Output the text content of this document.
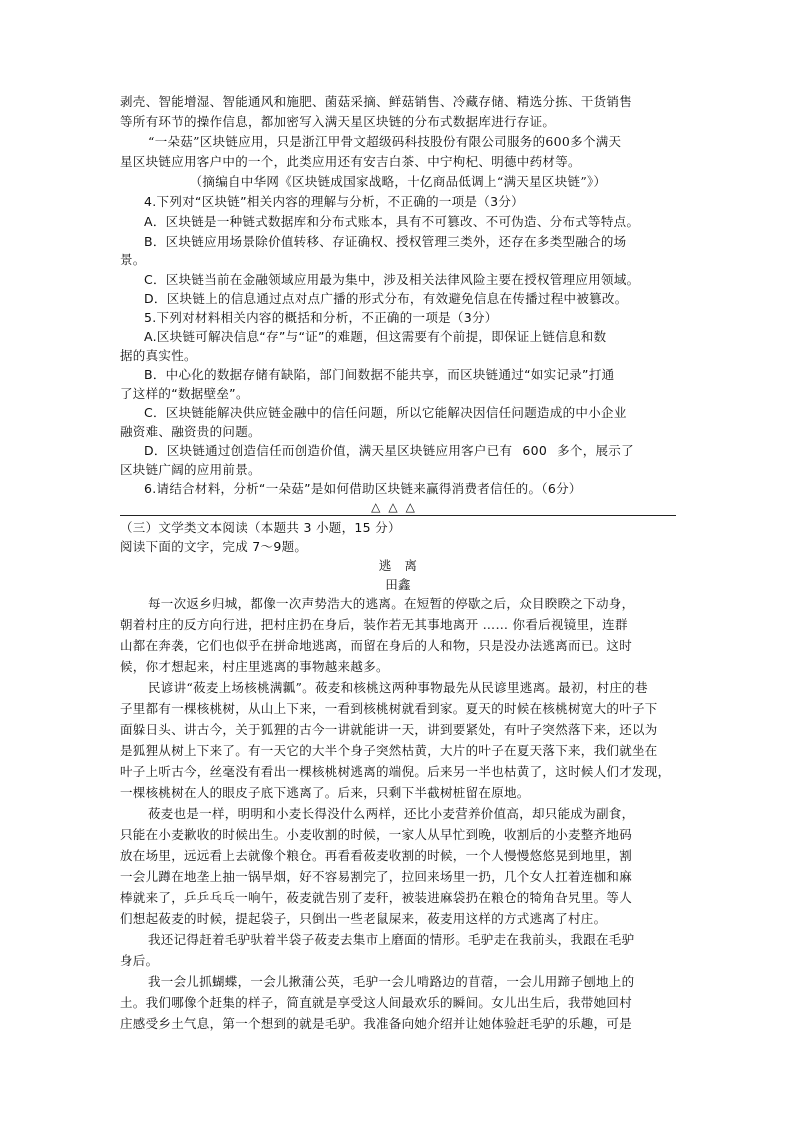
剥壳、智能增湿、智能通风和施肥、菌菇采摘、鲜菇销售、冷藏存储、精选分拣、干货销售
等所有环节的操作信息，都加密写入满天星区块链的分布式数据库进行存证。
“一朵菇”区块链应用，只是浙江甲骨文超级码科技股份有限公司服务的600多个满天
星区块链应用客户中的一个，此类应用还有安吉白茶、中宁枸杞、明德中药材等。
（摘编自中华网《区块链成国家战略，十亿商品低调上“满天星区块链”》）
4.下列对“区块链”相关内容的理解与分析，不正确的一项是（3分）
A．区块链是一种链式数据库和分布式账本，具有不可篡改、不可伪造、分布式等特点。
B．区块链应用场景除价值转移、存证确权、授权管理三类外，还存在多类型融合的场
景。
C．区块链当前在金融领域应用最为集中，涉及相关法律风险主要在授权管理应用领域。
D．区块链上的信息通过点对点广播的形式分布，有效避免信息在传播过程中被篡改。
5.下列对材料相关内容的概括和分析，不正确的一项是（3分）
A.区块链可解决信息“存”与“证”的难题，但这需要有个前提，即保证上链信息和数
据的真实性。
B．中心化的数据存储有缺陷，部门间数据不能共享，而区块链通过“如实记录”打通
了这样的“数据壁垒”。
C．区块链能解决供应链金融中的信任问题，所以它能解决因信任问题造成的中小企业
融资难、融资贵的问题。
D．区块链通过创造信任而创造价值，满天星区块链应用客户已有 600 多个，展示了
区块链广阔的应用前景。
6.请结合材料，分析“一朵菇”是如何借助区块链来赢得消费者信任的。（6分）
△△△
（三）文学类文本阅读（本题共 3 小题，15 分）
阅读下面的文字，完成 7～9题。
逃　离
田鑫
每一次返乡归城，都像一次声势浩大的逃离。在短暂的停歇之后，众目睽睽之下动身，
朝着村庄的反方向行进，把村庄扔在身后，装作若无其事地离开 …… 你看后视镜里，连群
山都在奔袭，它们也似乎在拼命地逃离，而留在身后的人和物，只是没办法逃离而已。这时
候，你才想起来，村庄里逃离的事物越来越多。
民谚讲“莜麦上场核桃满瓤”。莜麦和核桃这两种事物最先从民谚里逃离。最初，村庄的巷
子里都有一棵核桃树，从山上下来，一看到核桃树就看到家。夏天的时候在核桃树宽大的叶子下
面躲日头、讲古今，关于狐狸的古今一讲就能讲一天，讲到要紧处，有叶子突然落下来，还以为
是狐狸从树上下来了。有一天它的大半个身子突然枯黄，大片的叶子在夏天落下来，我们就坐在
叶子上听古今，丝毫没有看出一棵核桃树逃离的端倪。后来另一半也枯黄了，这时候人们才发现，
一棵核桃树在人的眼皮子底下逃离了。后来，只剩下半截树桩留在原地。
莜麦也是一样，明明和小麦长得没什么两样，还比小麦营养价值高，却只能成为副食，
只能在小麦歉收的时候出生。小麦收割的时候，一家人从早忙到晚，收割后的小麦整齐地码
放在场里，远远看上去就像个粮仓。再看看莜麦收割的时候，一个人慢慢悠悠晃到地里，割
一会儿蹲在地垄上抽一锅旱烟，好不容易割完了，拉回来场里一扔，几个女人扛着连枷和麻
棒就来了，乒乒乓乓一响午，莜麦就告别了麦秆，被装进麻袋扔在粮仓的犄角旮旯里。等人
们想起莜麦的时候，提起袋子，只倒出一些老鼠屎来，莜麦用这样的方式逃离了村庄。
我还记得赶着毛驴驮着半袋子莜麦去集市上磨面的情形。毛驴走在我前头，我跟在毛驴
身后。
我一会儿抓蝴蝶，一会儿揪蒲公英，毛驴一会儿啃路边的苜蓿，一会儿用蹄子刨地上的
土。我们哪像个赶集的样子，简直就是享受这人间最欢乐的瞬间。女儿出生后，我带她回村
庄感受乡土气息，第一个想到的就是毛驴。我准备向她介绍并让她体验赶毛驴的乐趣，可是
